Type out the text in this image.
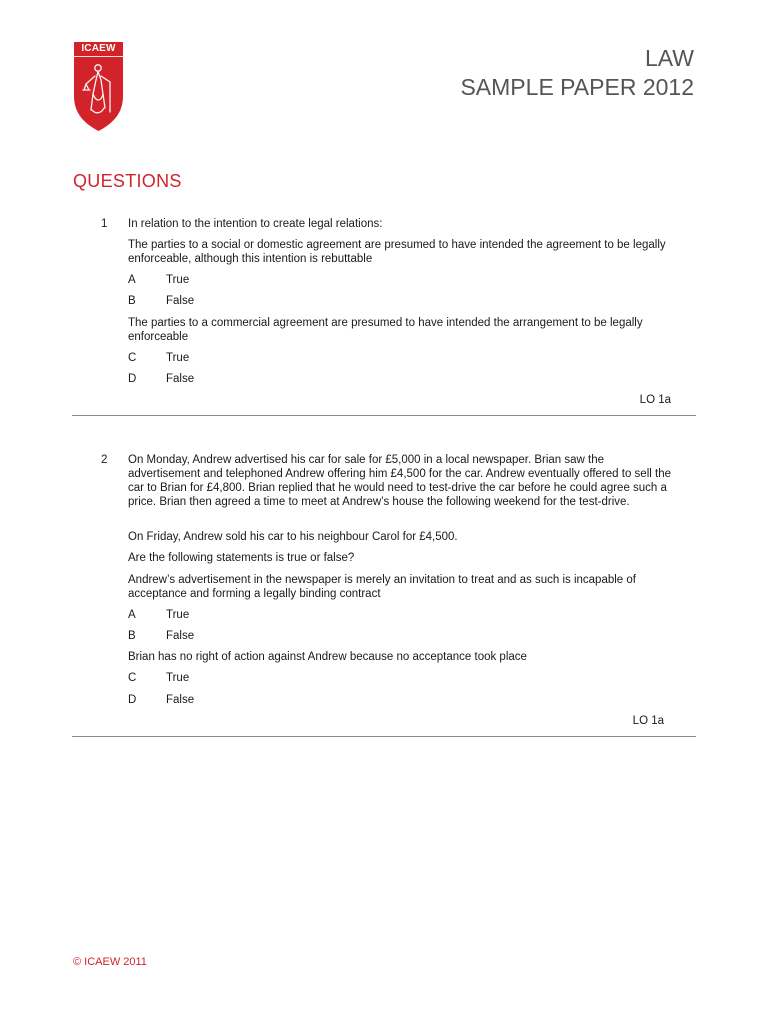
ICAEW	LAW
SAMPLE PAPER 2012
QUESTIONS
1 In relation to the intention to create legal relations:
The parties to a social or domestic agreement are presumed to have intended the agreement to be legally enforceable, although this intention is rebuttable
A	True
B	False
The parties to a commercial agreement are presumed to have intended the arrangement to be legally enforceable
C	True
D	False
LO 1a
2 On Monday, Andrew advertised his car for sale for £5,000 in a local newspaper. Brian saw the advertisement and telephoned Andrew offering him £4,500 for the car. Andrew eventually offered to sell the car to Brian for £4,800. Brian replied that he would need to test-drive the car before he could agree such a price. Brian then agreed a time to meet at Andrew’s house the following weekend for the test-drive.
On Friday, Andrew sold his car to his neighbour Carol for £4,500.
Are the following statements is true or false?
Andrew’s advertisement in the newspaper is merely an invitation to treat and as such is incapable of acceptance and forming a legally binding contract
A	True
B	False
Brian has no right of action against Andrew because no acceptance took place
C	True
D	False
LO 1a
© ICAEW 2011
